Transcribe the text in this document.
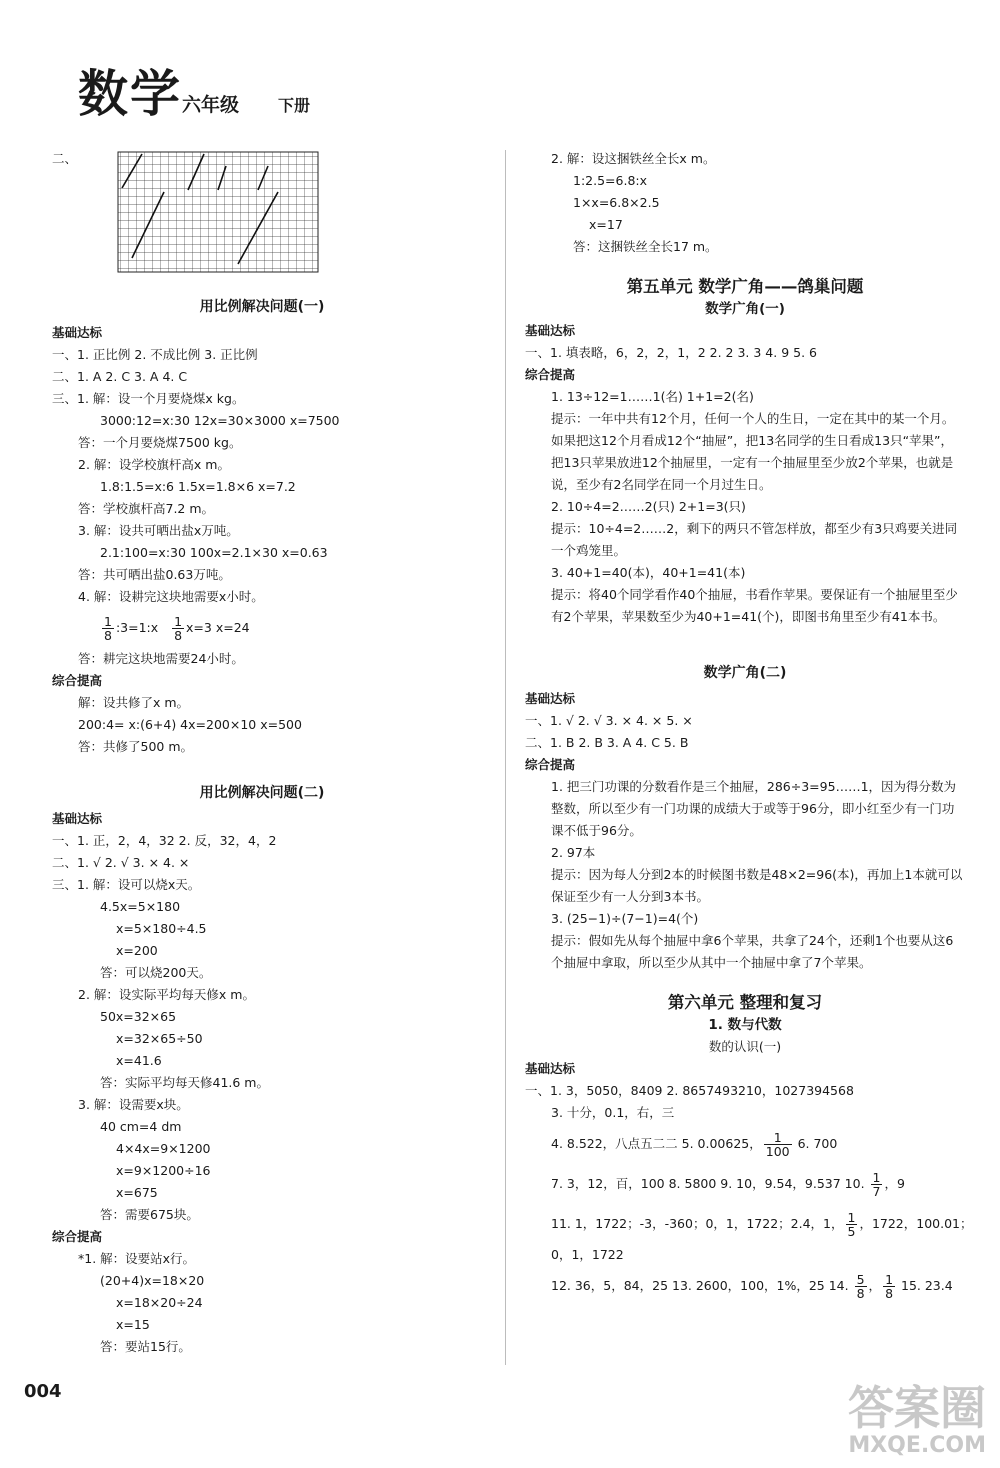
数学 六年级 下册
二、
用比例解决问题(一)
基础达标
一、1. 正比例 2. 不成比例 3. 正比例
二、1. A 2. C 3. A 4. C
三、1. 解：设一个月要烧煤x kg。
3000:12=x:30 12x=30×3000 x=7500
答：一个月要烧煤7500 kg。
2. 解：设学校旗杆高x m。
1.8:1.5=x:6 1.5x=1.8×6 x=7.2
答：学校旗杆高7.2 m。
3. 解：设共可晒出盐x万吨。
2.1:100=x:30 100x=2.1×30 x=0.63
答：共可晒出盐0.63万吨。
4. 解：设耕完这块地需要x小时。
$\frac{1}{8}$ :3=1:x $\frac{1}{8} x=3$ x=24
答：耕完这块地需要24小时。
综合提高
解：设共修了x m。
200:4= x:(6+4) 4x=200×10 x=500
答：共修了500 m。
用比例解决问题(二)
基础达标
一、1. 正，2，4，32 2. 反，32，4，2
二、1. √ 2. √ 3. × 4. ×
三、1. 解：设可以烧x天。
4.5x=5×180
x=5×180÷4.5
x=200
答：可以烧200天。
2. 解：设实际平均每天修x m。
50x=32×65
x=32×65÷50
x=41.6
答：实际平均每天修41.6 m。
3. 解：设需要x块。
40 cm=4 dm
4×4x=9×1200
x=9×1200÷16
x=675
答：需要675块。
综合提高
*1. 解：设要站x行。
(20+4)x=18×20
x=18×20÷24
x=15
答：要站15行。
2. 解：设这捆铁丝全长x m。
1:2.5=6.8:x
1×x=6.8×2.5
x=17
答：这捆铁丝全长17 m。
第五单元 数学广角——鸽巢问题
数学广角(一)
基础达标
一、1. 填表略，6，2，2，1，2 2. 2 3. 3 4. 9 5. 6
综合提高
1. 13÷12=1……1(名) 1+1=2(名)
提示：一年中共有12个月，任何一个人的生日，一定在其中的某一个月。如果把这12个月看成12个“抽屉”，把13名同学的生日看成13只“苹果”，把13只苹果放进12个抽屉里，一定有一个抽屉里至少放2个苹果，也就是说，至少有2名同学在同一个月过生日。
2. 10÷4=2……2(只) 2+1=3(只)
提示：10÷4=2……2，剩下的两只不管怎样放，都至少有3只鸡要关进同一个鸡笼里。
3. 40+1=40(本)，40+1=41(本)
提示：将40个同学看作40个抽屉，书看作苹果。要保证有一个抽屉里至少有2个苹果，苹果数至少为40+1=41(个)，即图书角里至少有41本书。
数学广角(二)
基础达标
一、1. √ 2. √ 3. × 4. × 5. ×
二、1. B 2. B 3. A 4. C 5. B
综合提高
1. 把三门功课的分数看作是三个抽屉，286÷3=95……1，因为得分数为整数，所以至少有一门功课的成绩大于或等于96分，即小红至少有一门功课不低于96分。
2. 97本
提示：因为每人分到2本的时候图书数是48×2=96(本)，再加上1本就可以保证至少有一人分到3本书。
3. (25−1)÷(7−1)=4(个)
提示：假如先从每个抽屉中拿6个苹果，共拿了24个，还剩1个也要从这6个抽屉中拿取，所以至少从其中一个抽屉中拿了7个苹果。
第六单元 整理和复习
1. 数与代数
数的认识(一)
基础达标
一、1. 3，5050，8409 2. 8657493210，1027394568
3. 十分，0.1，右，三
4. 8.522，八点五二二 5. 0.00625， $\frac{1}{100} 6$. 700
7. 3，12，百，100 8. 5800 9. 10，9.54，9.537 10. $\frac{1}{7}$ ，9
11. 1，1722；-3，-360；0，1，1722；2.4，1， $\frac{1}{5}$ ，1722，100.01；
0，1，1722
12. 36，5，84，25 13. 2600，100，1%，25 14. $\frac{5}{8}$ ， $\frac{1}{8} 15$. 23.4
004	答案圈
MXQE.COM
